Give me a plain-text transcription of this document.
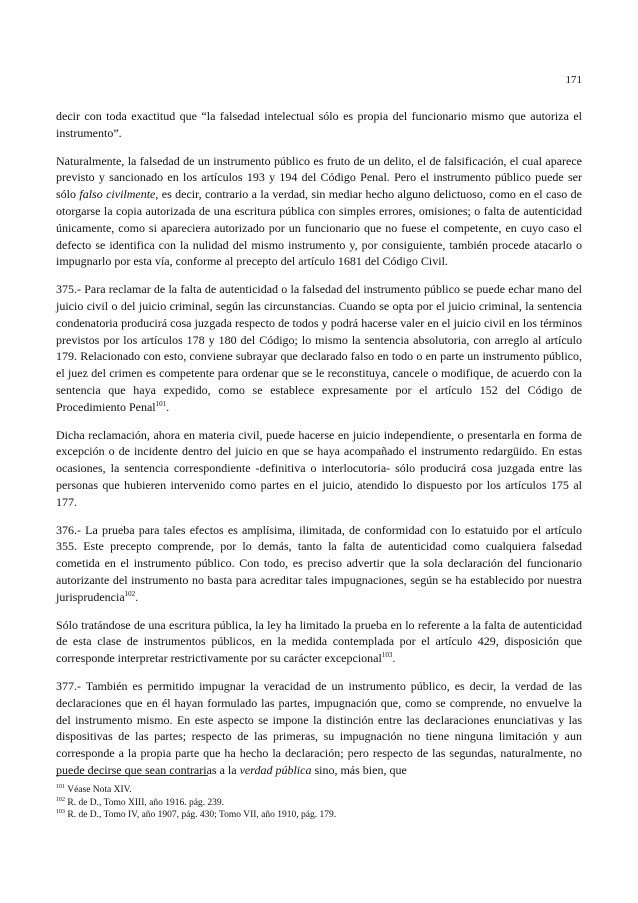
171

decir con toda exactitud que “la falsedad intelectual sólo es propia del funcionario mismo que autoriza el instrumento”.

Naturalmente, la falsedad de un instrumento público es fruto de un delito, el de falsificación, el cual aparece previsto y sancionado en los artículos 193 y 194 del Código Penal. Pero el instrumento público puede ser sólo falso civilmente, es decir, contrario a la verdad, sin mediar hecho alguno delictuoso, como en el caso de otorgarse la copia autorizada de una escritura pública con simples errores, omisiones; o falta de autenticidad únicamente, como si apareciera autorizado por un funcionario que no fuese el competente, en cuyo caso el defecto se identifica con la nulidad del mismo instrumento y, por consiguiente, también procede atacarlo o impugnarlo por esta vía, conforme al precepto del artículo 1681 del Código Civil.

375.- Para reclamar de la falta de autenticidad o la falsedad del instrumento público se puede echar mano del juicio civil o del juicio criminal, según las circunstancias. Cuando se opta por el juicio criminal, la sentencia condenatoria producirá cosa juzgada respecto de todos y podrá hacerse valer en el juicio civil en los términos previstos por los artículos 178 y 180 del Código; lo mismo la sentencia absolutoria, con arreglo al artículo 179. Relacionado con esto, conviene subrayar que declarado falso en todo o en parte un instrumento público, el juez del crimen es competente para ordenar que se le reconstituya, cancele o modifique, de acuerdo con la sentencia que haya expedido, como se establece expresamente por el artículo 152 del Código de Procedimiento Penal$^{101}$.

Dicha reclamación, ahora en materia civil, puede hacerse en juicio independiente, o presentarla en forma de excepción o de incidente dentro del juicio en que se haya acompañado el instrumento redargüido. En estas ocasiones, la sentencia correspondiente -definitiva o interlocutoria- sólo producirá cosa juzgada entre las personas que hubieren intervenido como partes en el juicio, atendido lo dispuesto por los artículos 175 al 177.

376.- La prueba para tales efectos es amplísima, ilimitada, de conformidad con lo estatuido por el artículo 355. Este precepto comprende, por lo demás, tanto la falta de autenticidad como cualquiera falsedad cometida en el instrumento público. Con todo, es preciso advertir que la sola declaración del funcionario autorizante del instrumento no basta para acreditar tales impugnaciones, según se ha establecido por nuestra jurisprudencia$^{102}$.

Sólo tratándose de una escritura pública, la ley ha limitado la prueba en lo referente a la falta de autenticidad de esta clase de instrumentos públicos, en la medida contemplada por el artículo 429, disposición que corresponde interpretar restrictivamente por su carácter excepcional$^{103}$.

377.- También es permitido impugnar la veracidad de un instrumento público, es decir, la verdad de las declaraciones que en él hayan formulado las partes, impugnación que, como se comprende, no envuelve la del instrumento mismo. En este aspecto se impone la distinción entre las declaraciones enunciativas y las dispositivas de las partes; respecto de las primeras, su impugnación no tiene ninguna limitación y aun corresponde a la propia parte que ha hecho la declaración; pero respecto de las segundas, naturalmente, no puede decirse que sean contrarias a la verdad pública sino, más bien, que

$^{101}$ Véase Nota XIV.

$^{102}$ R. de D., Tomo XIII, año 1916. pág. 239.

$^{103}$ R. de D., Tomo IV, año 1907, pág. 430; Tomo VII, año 1910, pág. 179.
